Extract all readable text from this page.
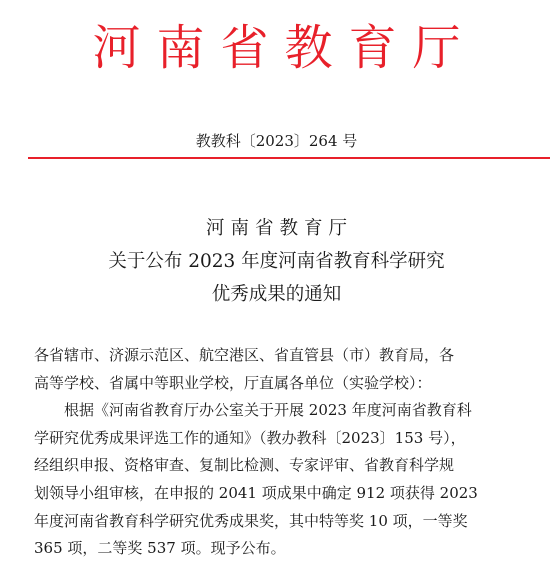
河南省教育厅
教教科〔2023〕264 号
河南省教育厅
关于公布 2023 年度河南省教育科学研究
优秀成果的通知

各省辖市、济源示范区、航空港区、省直管县（市）教育局，各
高等学校、省属中等职业学校，厅直属各单位（实验学校）：

根据《河南省教育厅办公室关于开展 2023 年度河南省教育科
学研究优秀成果评选工作的通知》（教办教科〔2023〕153 号），
经组织申报、资格审查、复制比检测、专家评审、省教育科学规
划领导小组审核，在申报的 2041 项成果中确定 912 项获得 2023
年度河南省教育科学研究优秀成果奖，其中特等奖 10 项，一等奖
365 项，二等奖 537 项。现予公布。
